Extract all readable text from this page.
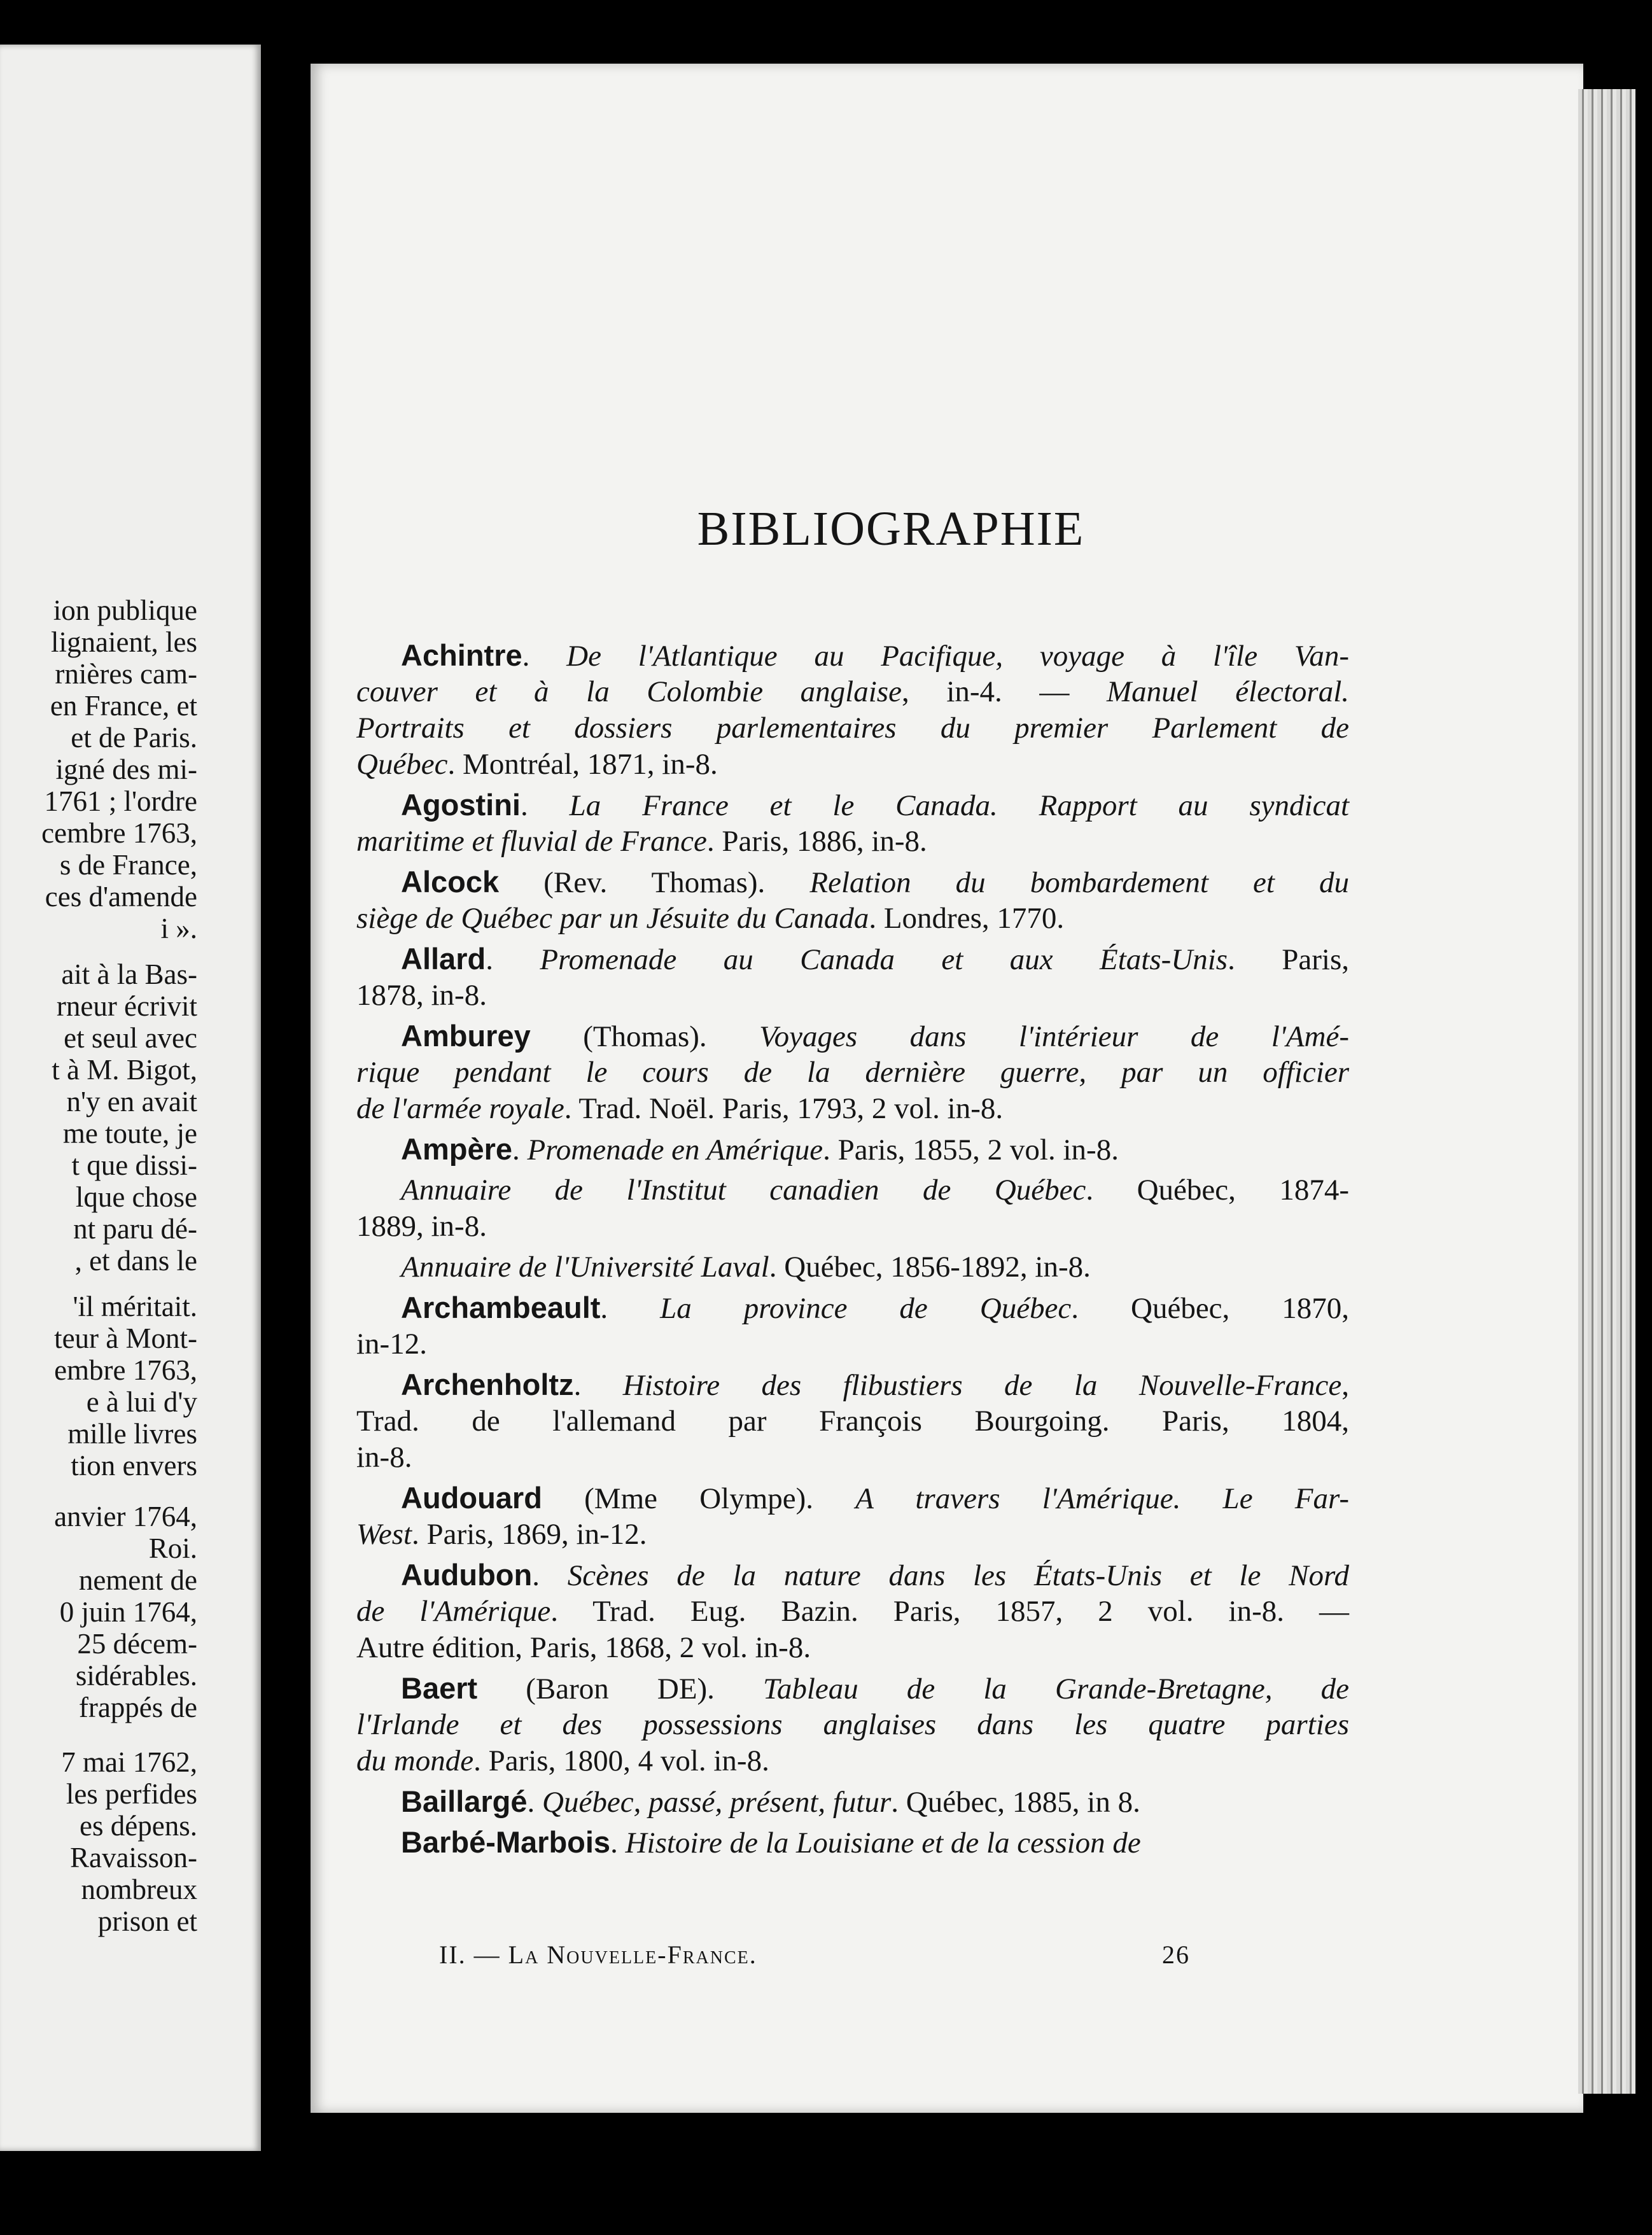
ion publique
lignaient, les
rnières cam-
en France, et
et de Paris.
igné des mi-
1761 ; l'ordre
cembre 1763,
s de France,
ces d'amende
i ».
ait à la Bas-
rneur écrivit
et seul avec
t à M. Bigot,
n'y en avait
me toute, je
t que dissi-
lque chose
nt paru dé-
, et dans le
'il méritait.
teur à Mont-
embre 1763,
e à lui d'y
mille livres
tion envers
anvier 1764,
Roi.
nement de
0 juin 1764,
25 décem-
sidérables.
frappés de
7 mai 1762,
les perfides
es dépens.
Ravaisson-
nombreux
prison et
BIBLIOGRAPHIE
Achintre. De l'Atlantique au Pacifique, voyage à l'île Van-
couver et à la Colombie anglaise, in-4. — Manuel électoral.
Portraits et dossiers parlementaires du premier Parlement de
Québec. Montréal, 1871, in-8.
Agostini. La France et le Canada. Rapport au syndicat
maritime et fluvial de France. Paris, 1886, in-8.
Alcock (Rev. Thomas). Relation du bombardement et du
siège de Québec par un Jésuite du Canada. Londres, 1770.
Allard. Promenade au Canada et aux États-Unis. Paris,
1878, in-8.
Amburey (Thomas). Voyages dans l'intérieur de l'Amé-
rique pendant le cours de la dernière guerre, par un officier
de l'armée royale. Trad. Noël. Paris, 1793, 2 vol. in-8.
Ampère. Promenade en Amérique. Paris, 1855, 2 vol. in-8.
Annuaire de l'Institut canadien de Québec. Québec, 1874-
1889, in-8.
Annuaire de l'Université Laval. Québec, 1856-1892, in-8.
Archambeault. La province de Québec. Québec, 1870,
in-12.
Archenholtz. Histoire des flibustiers de la Nouvelle-France,
Trad. de l'allemand par François Bourgoing. Paris, 1804,
in-8.
Audouard (Mme Olympe). A travers l'Amérique. Le Far-
West. Paris, 1869, in-12.
Audubon. Scènes de la nature dans les États-Unis et le Nord
de l'Amérique. Trad. Eug. Bazin. Paris, 1857, 2 vol. in-8. —
Autre édition, Paris, 1868, 2 vol. in-8.
Baert (Baron DE). Tableau de la Grande-Bretagne, de
l'Irlande et des possessions anglaises dans les quatre parties
du monde. Paris, 1800, 4 vol. in-8.
Baillargé. Québec, passé, présent, futur. Québec, 1885, in 8.
Barbé-Marbois. Histoire de la Louisiane et de la cession de
II. — La Nouvelle-France.	26
